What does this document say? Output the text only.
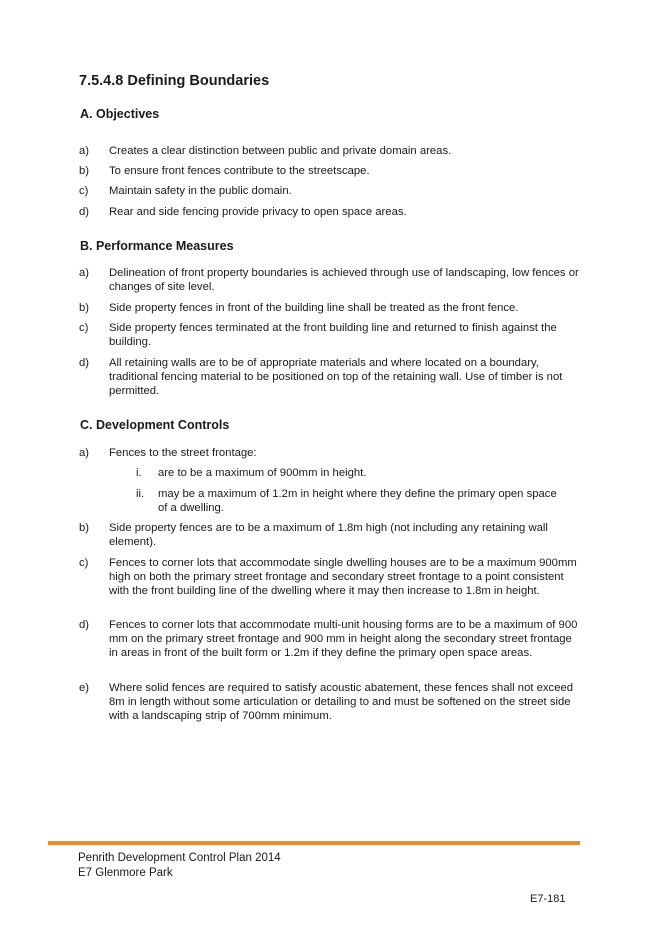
7.5.4.8 Defining Boundaries
A. Objectives
a) Creates a clear distinction between public and private domain areas.
b) To ensure front fences contribute to the streetscape.
c) Maintain safety in the public domain.
d) Rear and side fencing provide privacy to open space areas.
B. Performance Measures
a) Delineation of front property boundaries is achieved through use of landscaping, low fences or changes of site level.
b) Side property fences in front of the building line shall be treated as the front fence.
c) Side property fences terminated at the front building line and returned to finish against the building.
d) All retaining walls are to be of appropriate materials and where located on a boundary, traditional fencing material to be positioned on top of the retaining wall. Use of timber is not permitted.
C. Development Controls
a) Fences to the street frontage:
i. are to be a maximum of 900mm in height.
ii. may be a maximum of 1.2m in height where they define the primary open space of a dwelling.
b) Side property fences are to be a maximum of 1.8m high (not including any retaining wall element).
c) Fences to corner lots that accommodate single dwelling houses are to be a maximum 900mm high on both the primary street frontage and secondary street frontage to a point consistent with the front building line of the dwelling where it may then increase to 1.8m in height.
d) Fences to corner lots that accommodate multi-unit housing forms are to be a maximum of 900 mm on the primary street frontage and 900 mm in height along the secondary street frontage in areas in front of the built form or 1.2m if they define the primary open space areas.
e) Where solid fences are required to satisfy acoustic abatement, these fences shall not exceed 8m in length without some articulation or detailing to and must be softened on the street side with a landscaping strip of 700mm minimum.
Penrith Development Control Plan 2014
E7 Glenmore Park
E7-181
